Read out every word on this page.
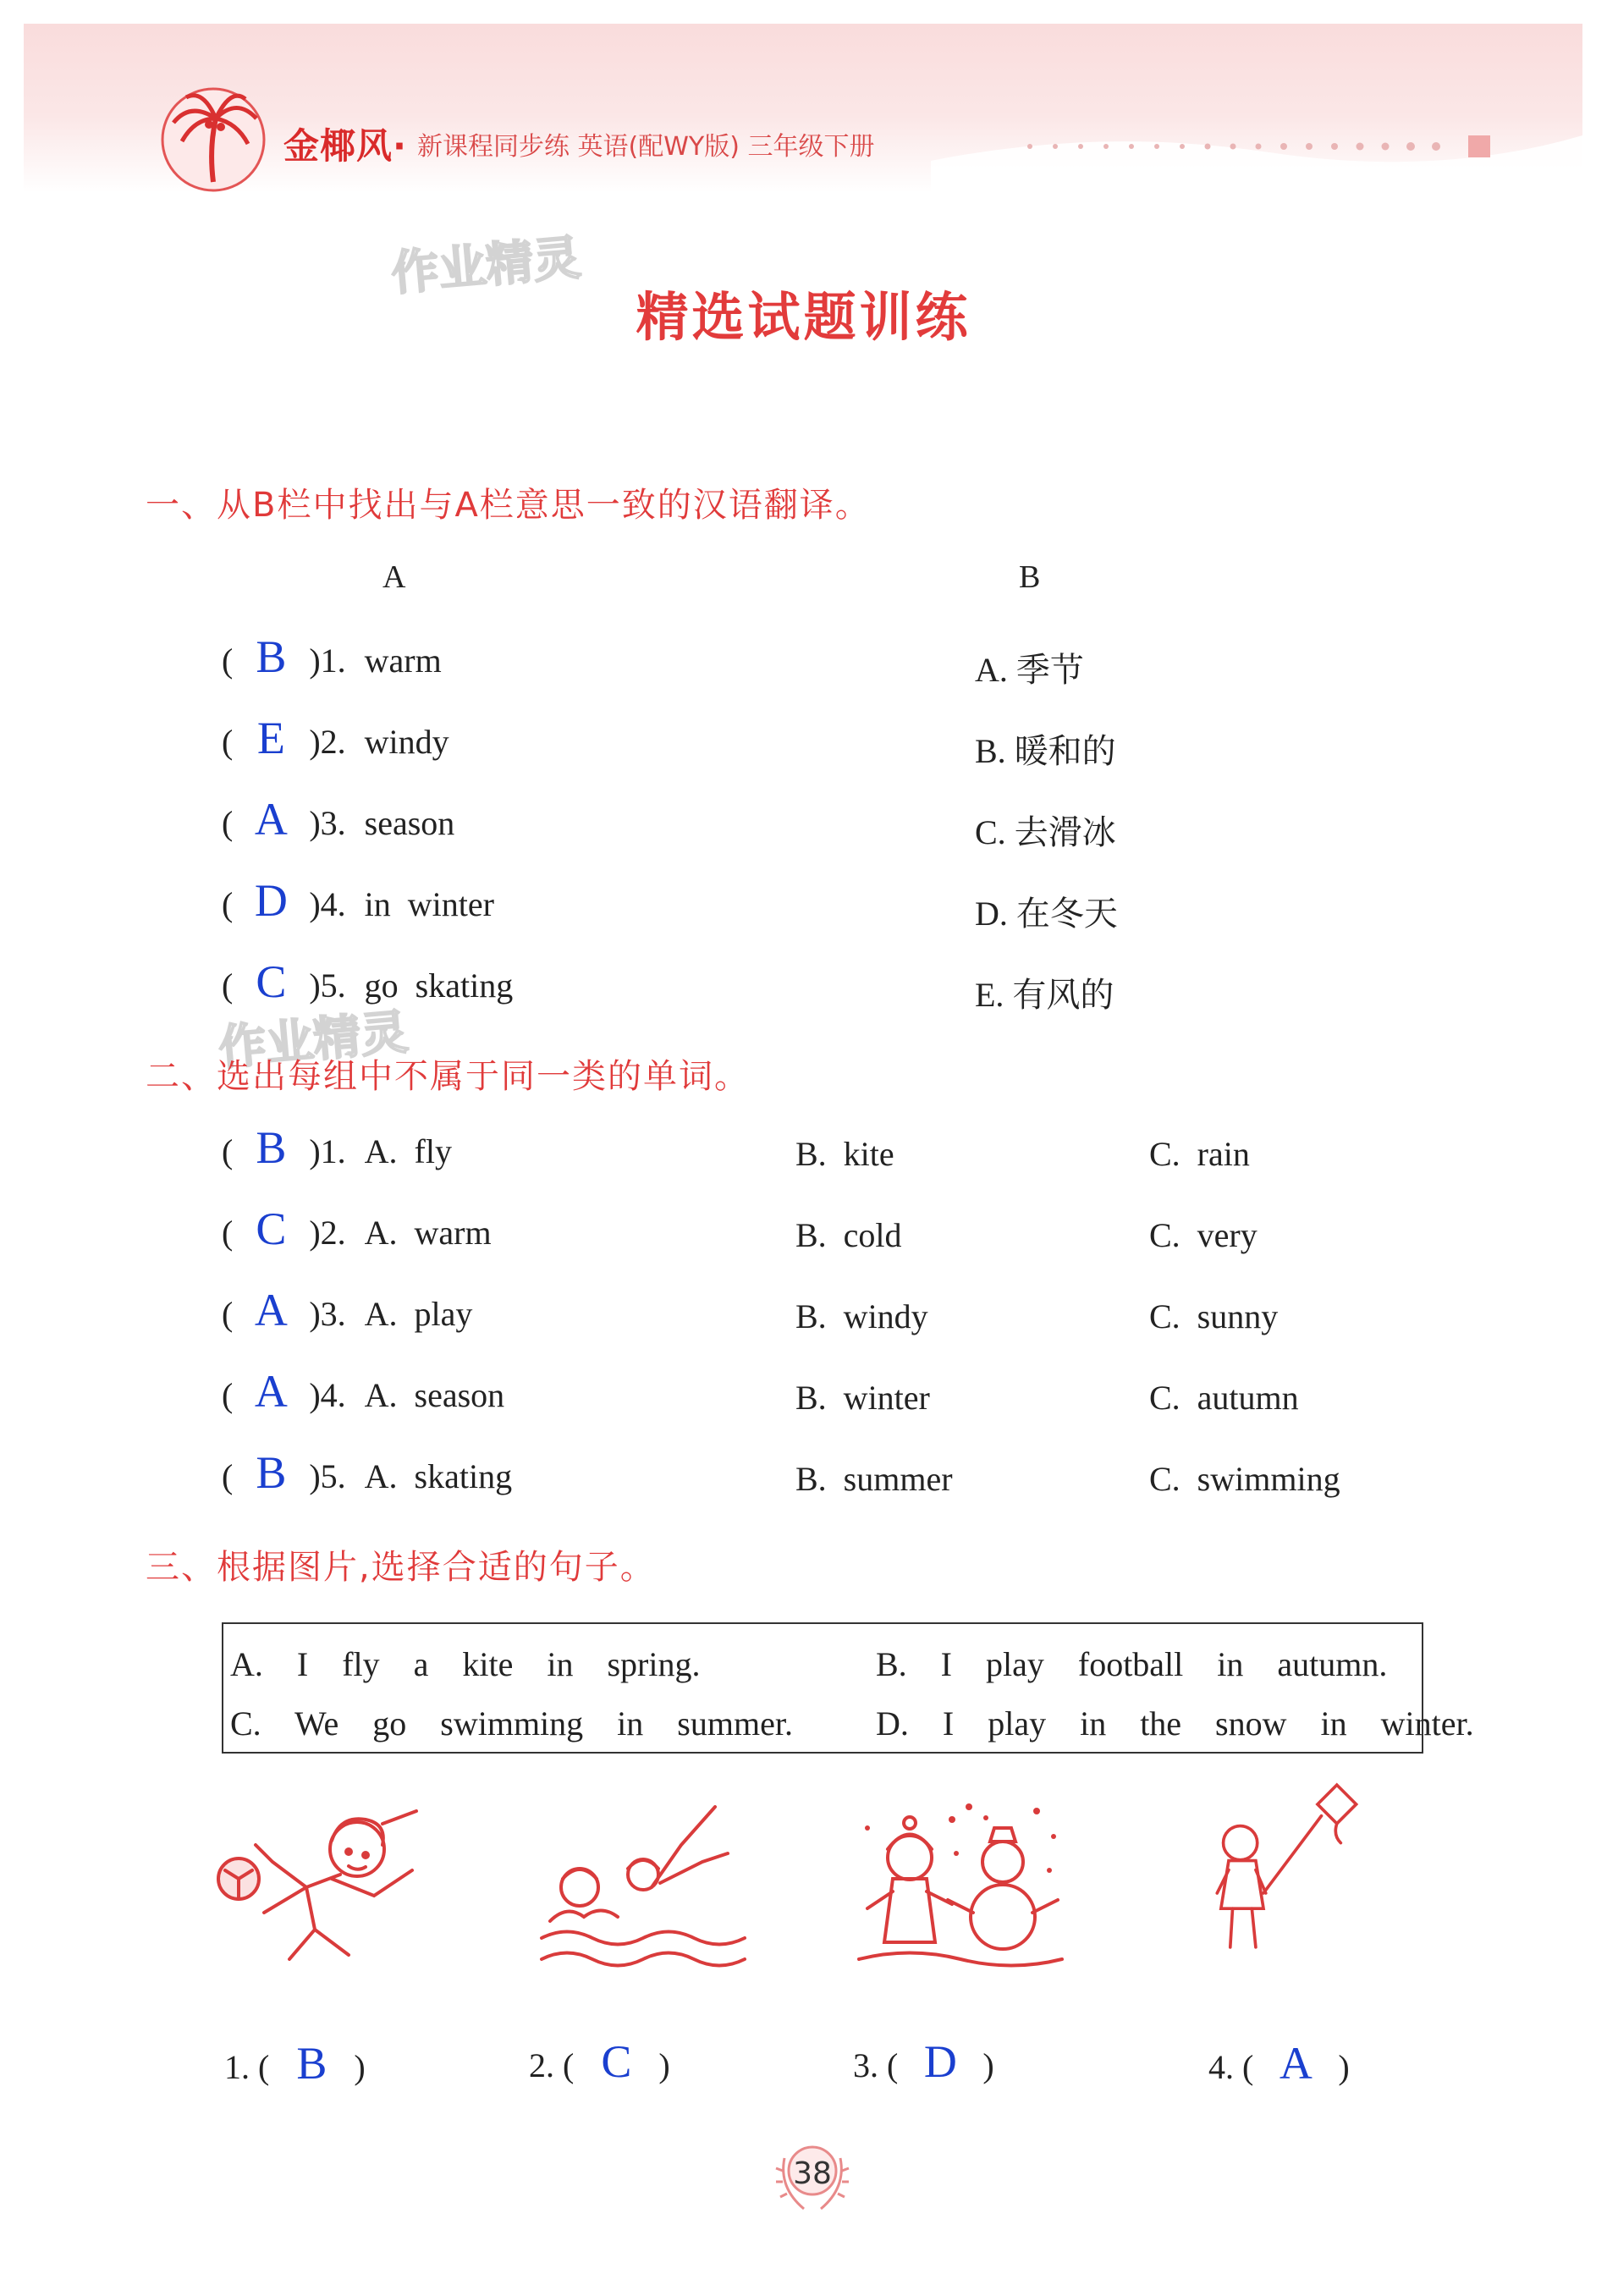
金椰风· 新课程同步练 英语(配WY版) 三年级下册
作业精灵
作业精灵
精选试题训练
一、从B栏中找出与A栏意思一致的汉语翻译。
A	B
( B )1. warm	A. 季节
( E )2. windy	B. 暖和的
( A )3. season	C. 去滑冰
( D )4. in  winter	D. 在冬天
( C )5. go  skating	E. 有风的
二、选出每组中不属于同一类的单词。
( B )1. A.  fly	B.  kite	C.  rain
( C )2. A.  warm	B.  cold	C.  very
( A )3. A.  play	B.  windy	C.  sunny
( A )4. A.  season	B.  winter	C.  autumn
( B )5. A.  skating	B.  summer	C.  swimming
三、根据图片,选择合适的句子。
A.  I  fly  a  kite  in  spring.	B.  I  play  football  in  autumn.
C.  We  go  swimming  in  summer. D.  I  play  in  the  snow  in  winter.
1. ( B )	2. ( C )	3. ( D )	4. ( A )
38
